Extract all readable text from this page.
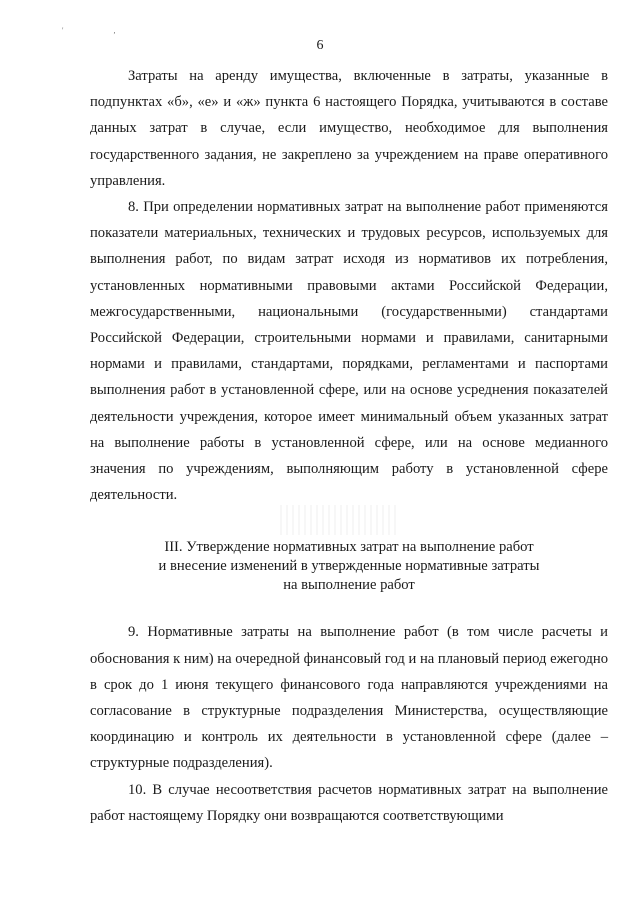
' ,
6

Затраты на аренду имущества, включенные в затраты, указанные в подпунктах «б», «е» и «ж» пункта 6 настоящего Порядка, учитываются в составе данных затрат в случае, если имущество, необходимое для выполнения государственного задания, не закреплено за учреждением на праве оперативного управления.

8. При определении нормативных затрат на выполнение работ применяются показатели материальных, технических и трудовых ресурсов, используемых для выполнения работ, по видам затрат исходя из нормативов их потребления, установленных нормативными правовыми актами Российской Федерации, межгосударственными, национальными (государственными) стандартами Российской Федерации, строительными нормами и правилами, санитарными нормами и правилами, стандартами, порядками, регламентами и паспортами выполнения работ в установленной сфере, или на основе усреднения показателей деятельности учреждения, которое имеет минимальный объем указанных затрат на выполнение работы в установленной сфере, или на основе медианного значения по учреждениям, выполняющим работу в установленной сфере деятельности.

III. Утверждение нормативных затрат на выполнение работ
и внесение изменений в утвержденные нормативные затраты
на выполнение работ

9. Нормативные затраты на выполнение работ (в том числе расчеты и обоснования к ним) на очередной финансовый год и на плановый период ежегодно в срок до 1 июня текущего финансового года направляются учреждениями на согласование в структурные подразделения Министерства, осуществляющие координацию и контроль их деятельности в установленной сфере (далее – структурные подразделения).

10. В случае несоответствия расчетов нормативных затрат на выполнение работ настоящему Порядку они возвращаются соответствующими
